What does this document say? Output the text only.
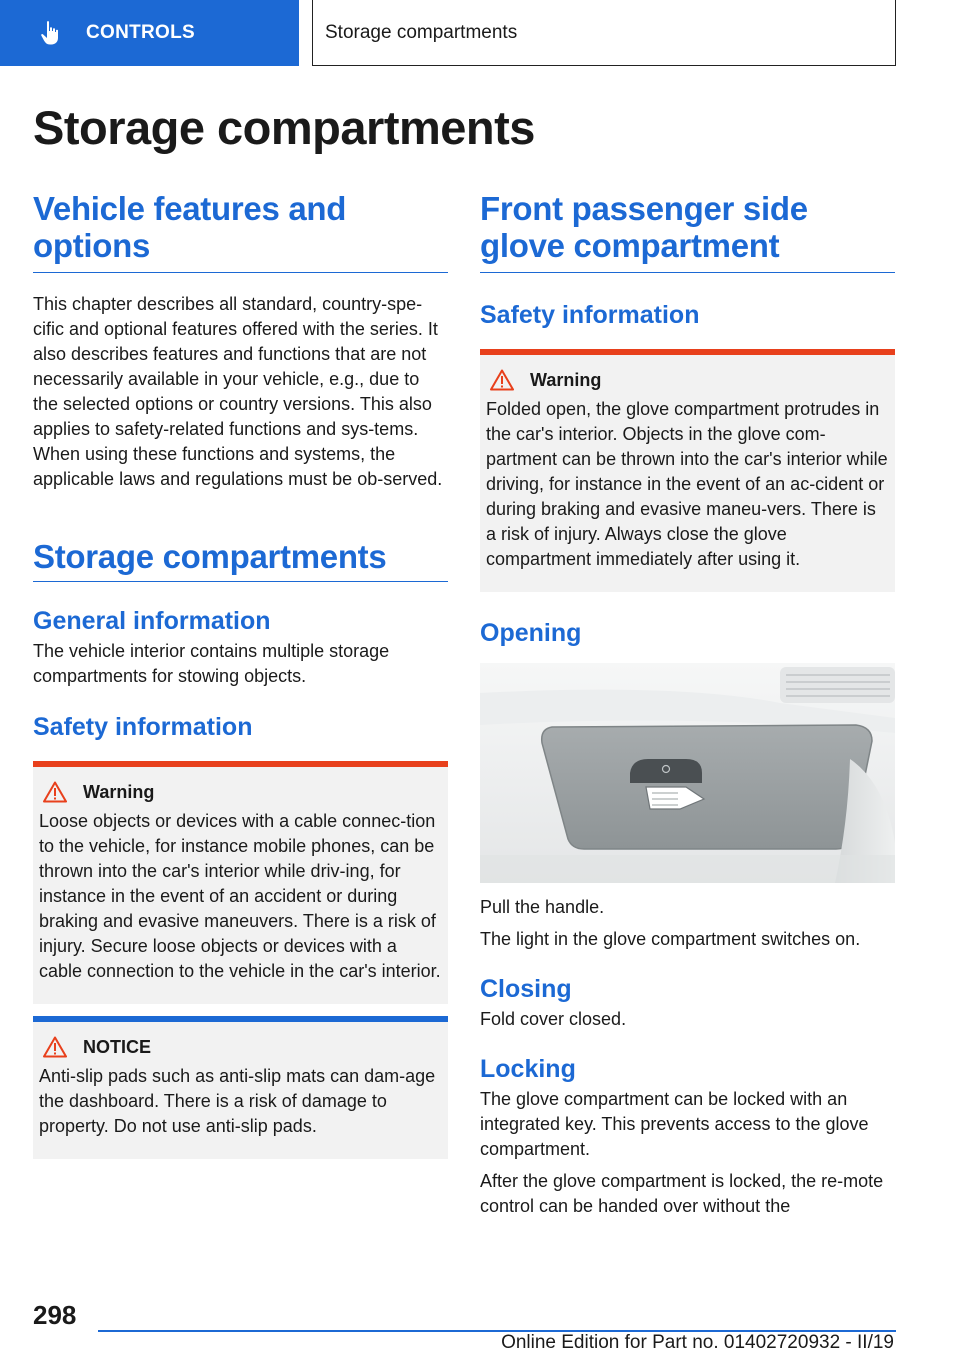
CONTROLS	Storage compartments
Storage compartments
Vehicle features and options

This chapter describes all standard, country-spe-cific and optional features offered with the series. It also describes features and functions that are not necessarily available in your vehicle, e.g., due to the selected options or country versions. This also applies to safety-related functions and sys-tems. When using these functions and systems, the applicable laws and regulations must be ob-served.

Storage compartments
General information

The vehicle interior contains multiple storage compartments for stowing objects.

Safety information
Warning

Loose objects or devices with a cable connec-tion to the vehicle, for instance mobile phones, can be thrown into the car's interior while driv-ing, for instance in the event of an accident or during braking and evasive maneuvers. There is a risk of injury. Secure loose objects or devices with a cable connection to the vehicle in the car's interior.

NOTICE

Anti-slip pads such as anti-slip mats can dam-age the dashboard. There is a risk of damage to property. Do not use anti-slip pads.

Front passenger side glove compartment
Safety information
Warning

Folded open, the glove compartment protrudes in the car's interior. Objects in the glove com-partment can be thrown into the car's interior while driving, for instance in the event of an ac-cident or during braking and evasive maneu-vers. There is a risk of injury. Always close the glove compartment immediately after using it.

Opening

Pull the handle.

The light in the glove compartment switches on.

Closing

Fold cover closed.

Locking

The glove compartment can be locked with an integrated key. This prevents access to the glove compartment.

After the glove compartment is locked, the re-mote control can be handed over without the

298
Online Edition for Part no. 01402720932 - II/19
